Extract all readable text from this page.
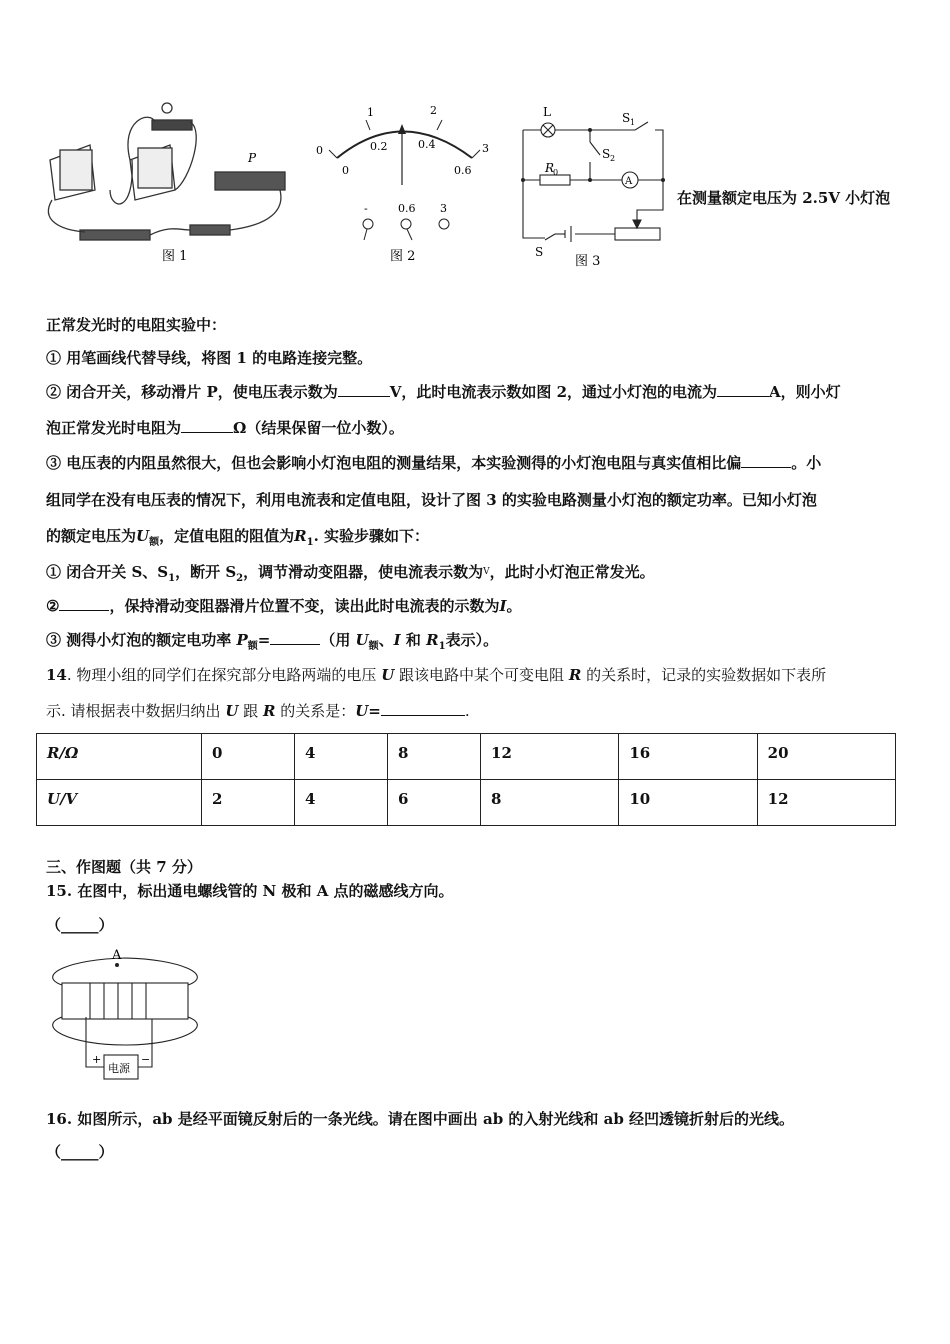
P
图 1
0
1	2
3
0
0.2	0.4
0.6
-	0.6 3
图 2
L	S 1
S 2
R
0
A
S
图 3
在测量额定电压为 2.5V 小灯泡
正常发光时的电阻实验中：
① 用笔画线代替导线，将图 1 的电路连接完整。
② 闭合开关，移动滑片 P，使电压表示数为	V，此时电流表示数如图 2，通过小灯泡的电流为	A，则小灯
泡正常发光时电阻为	Ω（结果保留一位小数）。
③ 电压表的内阻虽然很大，但也会影响小灯泡电阻的测量结果，本实验测得的小灯泡电阻与真实值相比偏	。小
组同学在没有电压表的情况下，利用电流表和定值电阻，设计了图 3 的实验电路测量小灯泡的额定功率。已知小灯泡
的额定电压为$U_额$，定值电阻的阻值为$R_1$. 实验步骤如下：
① 闭合开关 S、$S_1$，断开 $S_2$，调节滑动变阻器，使电流表示数为$^V$，此时小灯泡正常发光。
②	，保持滑动变阻器滑片位置不变，读出此时电流表的示数为I。
③ 测得小灯泡的额定电功率 $P_额=$	（用 $U_额$、I 和 $R_1$表示）。
14. 物理小组的同学们在探究部分电路两端的电压 U 跟该电路中某个可变电阻 R 的关系时，记录的实验数据如下表所
示. 请根据表中数据归纳出 U 跟 R 的关系是：U=	.
R/Ω	0	4	8	12	16	20
U/V	2	4	6	8	10	12
三、作图题（共 7 分）
15. 在图中，标出通电螺线管的 N 极和 A 点的磁感线方向。
（_____）
A
电源
+	−
16. 如图所示，ab 是经平面镜反射后的一条光线。请在图中画出 ab 的入射光线和 ab 经凹透镜折射后的光线。
（_____）
